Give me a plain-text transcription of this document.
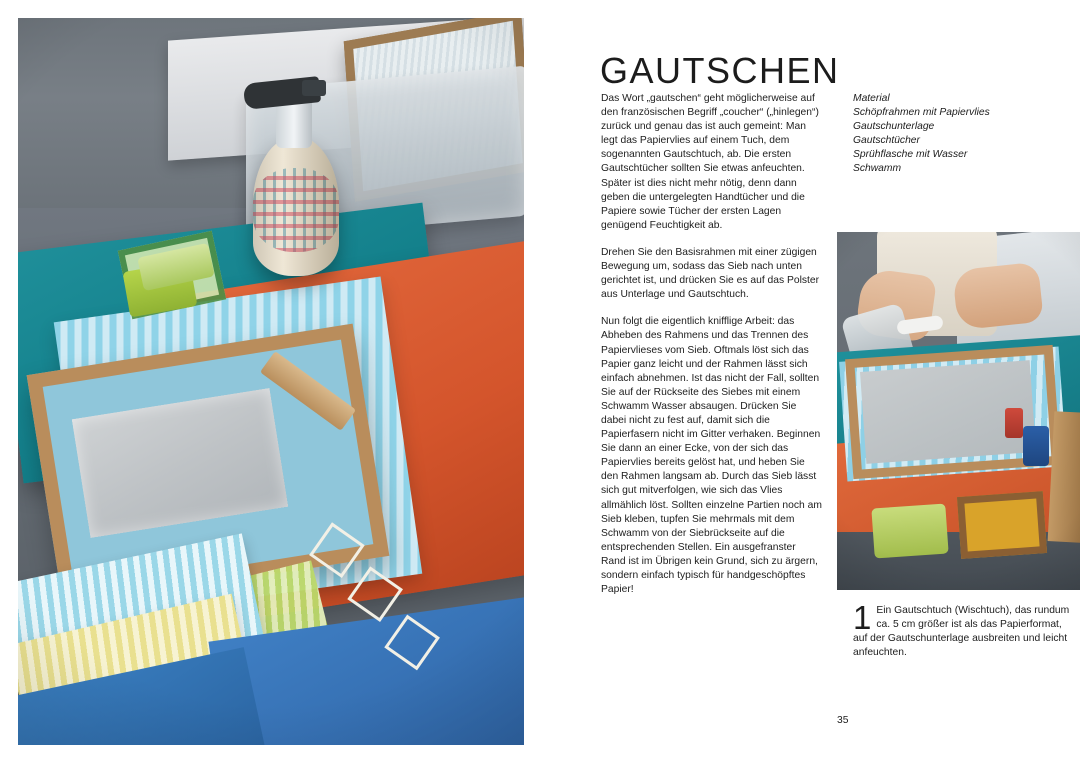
GAUTSCHEN

Das Wort „gautschen“ geht möglicherweise auf den französischen Begriff „coucher“ („hinlegen“) zurück und genau das ist auch gemeint: Man legt das Papiervlies auf einem Tuch, dem sogenannten Gautschtuch, ab. Die ersten Gautschtücher sollten Sie etwas anfeuchten. Später ist dies nicht mehr nötig, denn dann geben die untergelegten Handtücher und die Papiere sowie Tücher der ersten Lagen genügend Feuchtigkeit ab.

Drehen Sie den Basisrahmen mit einer zügigen Bewegung um, sodass das Sieb nach unten gerichtet ist, und drücken Sie es auf das Polster aus Unterlage und Gautschtuch.

Nun folgt die eigentlich knifflige Arbeit: das Abheben des Rahmens und das Trennen des Papiervlieses vom Sieb. Oftmals löst sich das Papier ganz leicht und der Rahmen lässt sich einfach abnehmen. Ist das nicht der Fall, sollten Sie auf der Rückseite des Siebes mit einem Schwamm Wasser absaugen. Drücken Sie dabei nicht zu fest auf, damit sich die Papierfasern nicht im Gitter verhaken. Beginnen Sie dann an einer Ecke, von der sich das Papiervlies bereits gelöst hat, und heben Sie den Rahmen langsam ab. Durch das Sieb lässt sich gut mitverfolgen, wie sich das Vlies allmählich löst. Sollten einzelne Partien noch am Sieb kleben, tupfen Sie mehrmals mit dem Schwamm von der Siebrückseite auf die entsprechenden Stellen. Ein ausgefranster Rand ist im Übrigen kein Grund, sich zu ärgern, sondern einfach typisch für handgeschöpftes Papier!

Material
Schöpfrahmen mit Papiervlies
Gautschunterlage
Gautschtücher
Sprühflasche mit Wasser
Schwamm
1 Ein Gautschtuch (Wischtuch), das rundum ca. 5 cm größer ist als das Papierformat, auf der Gautschunterlage ausbreiten und leicht anfeuchten.
35
